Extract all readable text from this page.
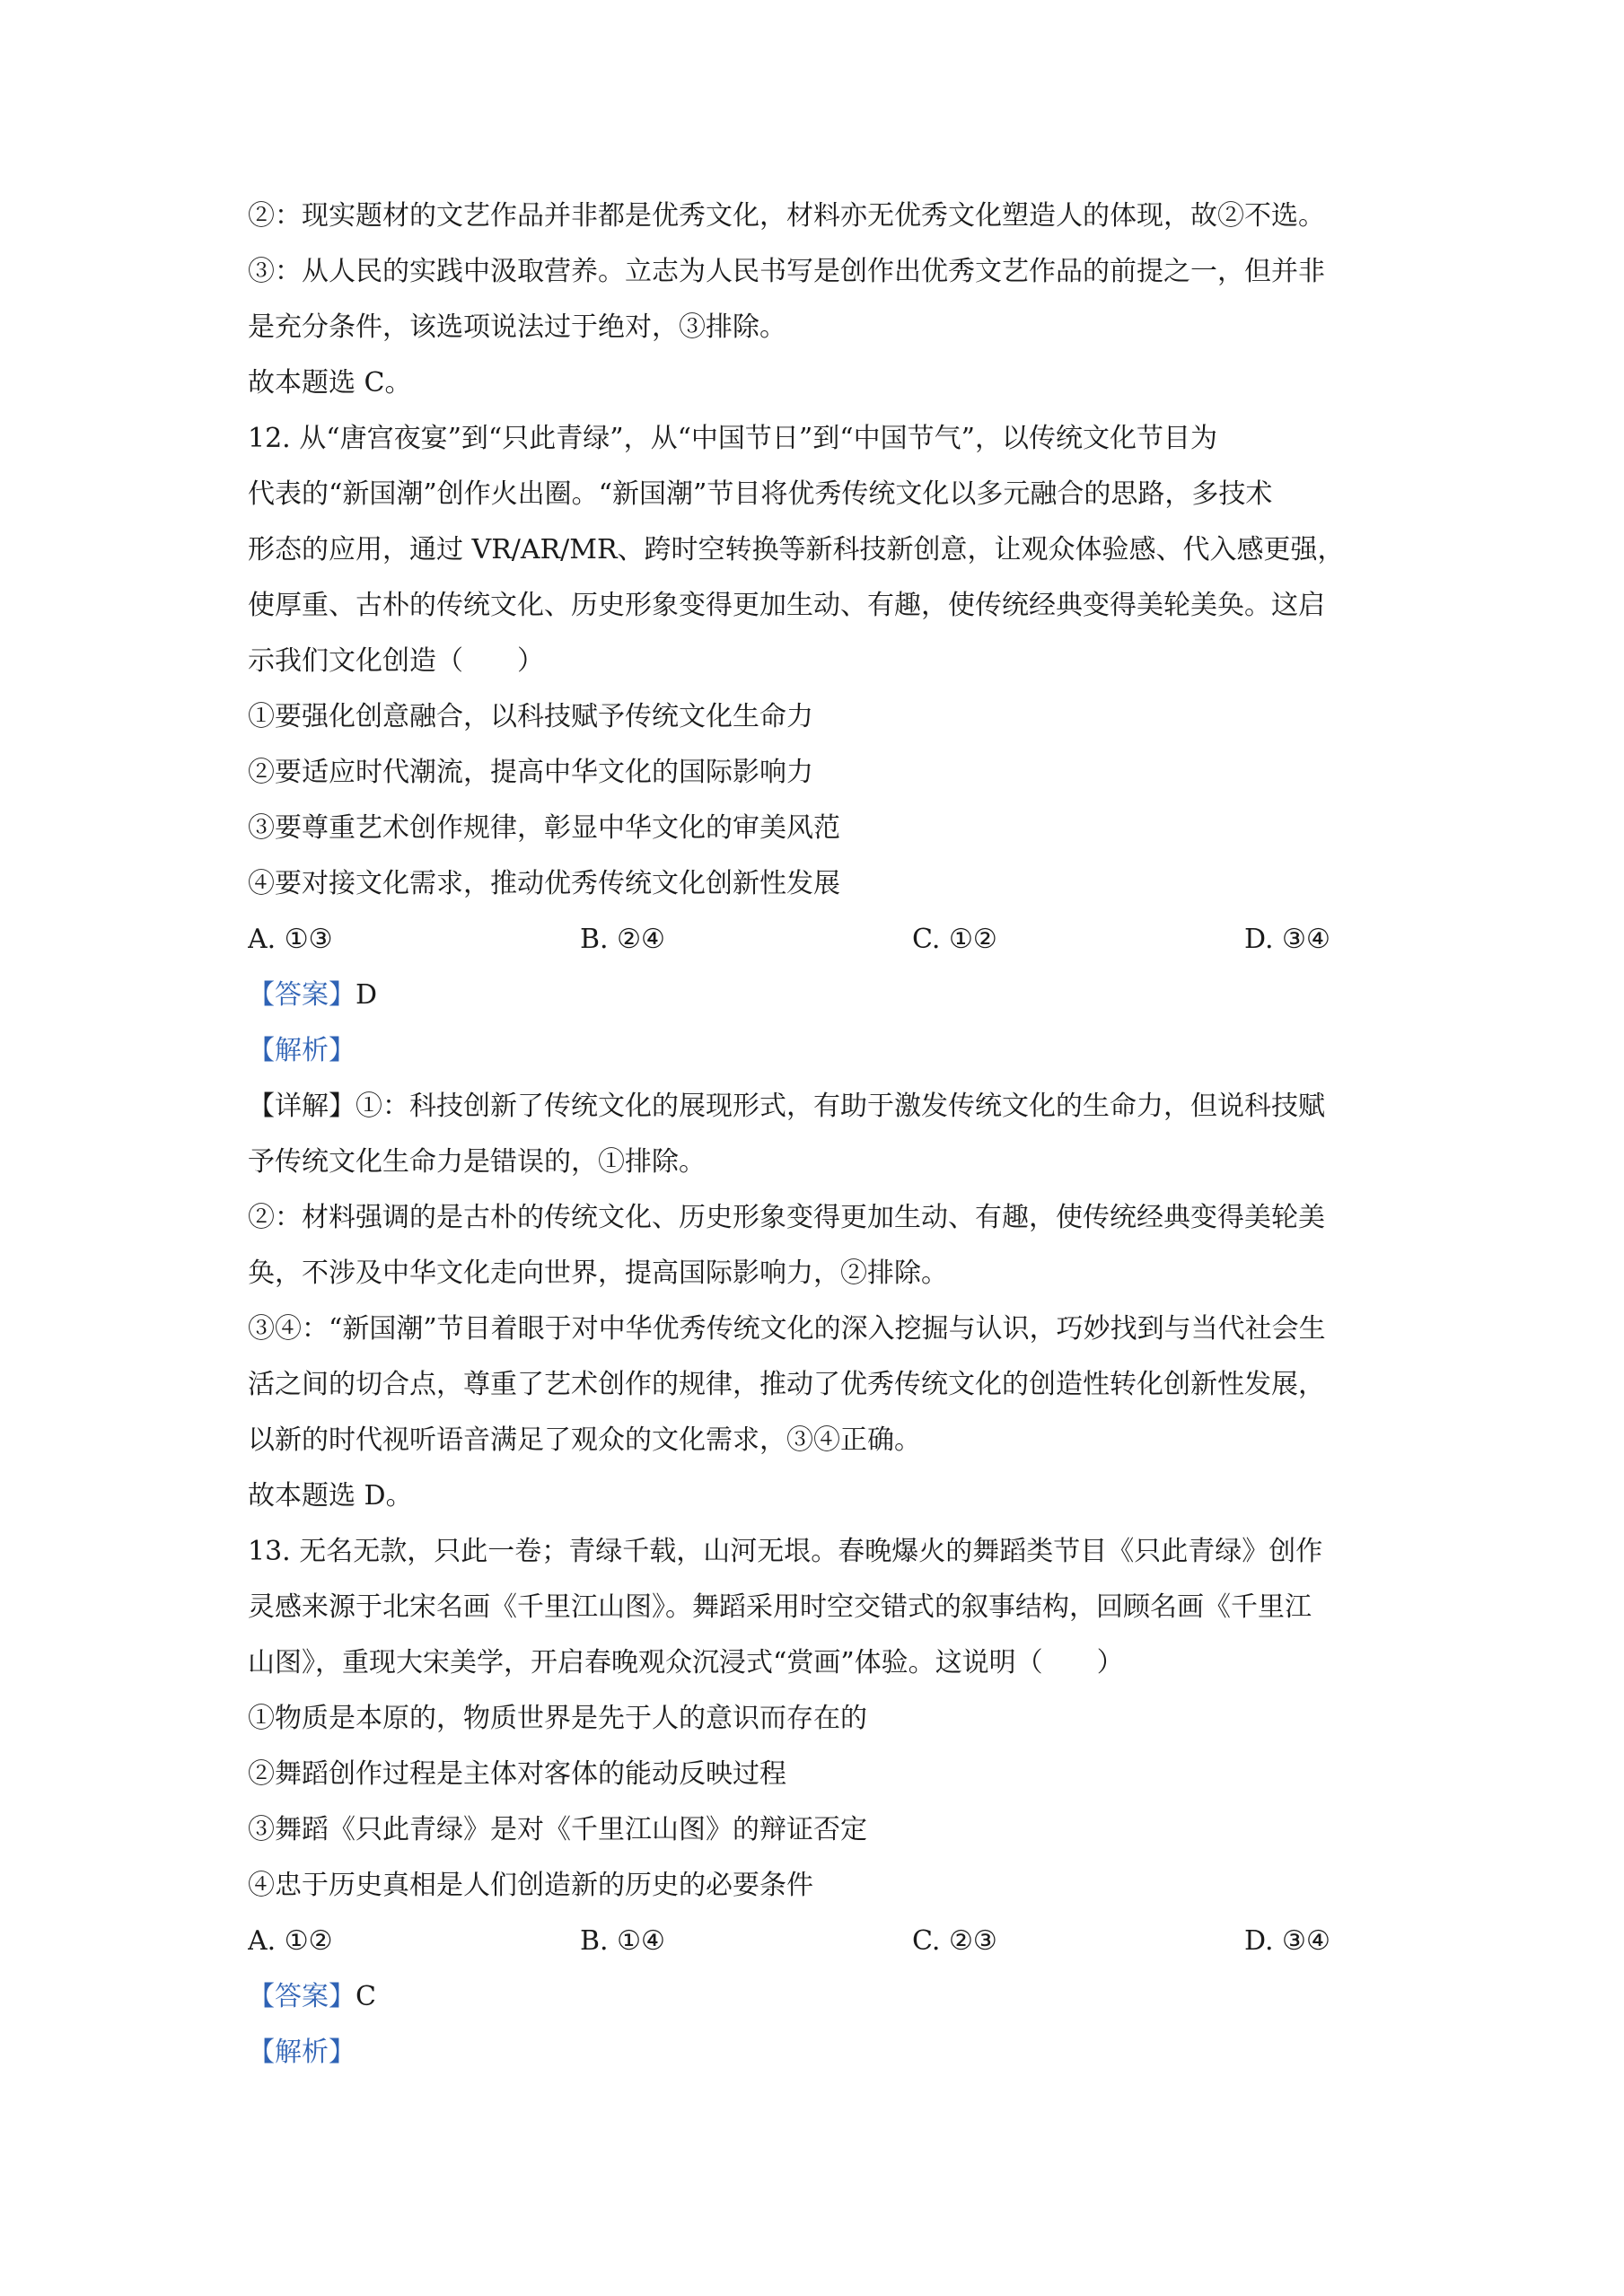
②：现实题材的文艺作品并非都是优秀文化，材料亦无优秀文化塑造人的体现，故②不选。
③：从人民的实践中汲取营养。立志为人民书写是创作出优秀文艺作品的前提之一，但并非
是充分条件，该选项说法过于绝对，③排除。
故本题选 C。
12. 从“唐宫夜宴”到“只此青绿”，从“中国节日”到“中国节气”，以传统文化节目为
代表的“新国潮”创作火出圈。“新国潮”节目将优秀传统文化以多元融合的思路，多技术
形态的应用，通过 VR/AR/MR、跨时空转换等新科技新创意，让观众体验感、代入感更强，
使厚重、古朴的传统文化、历史形象变得更加生动、有趣，使传统经典变得美轮美奂。这启
示我们文化创造（　　）
①要强化创意融合，以科技赋予传统文化生命力
②要适应时代潮流，提高中华文化的国际影响力
③要尊重艺术创作规律，彰显中华文化的审美风范
④要对接文化需求，推动优秀传统文化创新性发展
A. ①③	B. ②④	C. ①②	D. ③④
【答案】D
【解析】
【详解】①：科技创新了传统文化的展现形式，有助于激发传统文化的生命力，但说科技赋
予传统文化生命力是错误的，①排除。
②：材料强调的是古朴的传统文化、历史形象变得更加生动、有趣，使传统经典变得美轮美
奂，不涉及中华文化走向世界，提高国际影响力，②排除。
③④：“新国潮”节目着眼于对中华优秀传统文化的深入挖掘与认识，巧妙找到与当代社会生
活之间的切合点，尊重了艺术创作的规律，推动了优秀传统文化的创造性转化创新性发展，
以新的时代视听语音满足了观众的文化需求，③④正确。
故本题选 D。
13. 无名无款，只此一卷；青绿千载，山河无垠。春晚爆火的舞蹈类节目《只此青绿》创作
灵感来源于北宋名画《千里江山图》。舞蹈采用时空交错式的叙事结构，回顾名画《千里江
山图》，重现大宋美学，开启春晚观众沉浸式“赏画”体验。这说明（　　）
①物质是本原的，物质世界是先于人的意识而存在的
②舞蹈创作过程是主体对客体的能动反映过程
③舞蹈《只此青绿》是对《千里江山图》的辩证否定
④忠于历史真相是人们创造新的历史的必要条件
A. ①②	B. ①④	C. ②③	D. ③④
【答案】C
【解析】
